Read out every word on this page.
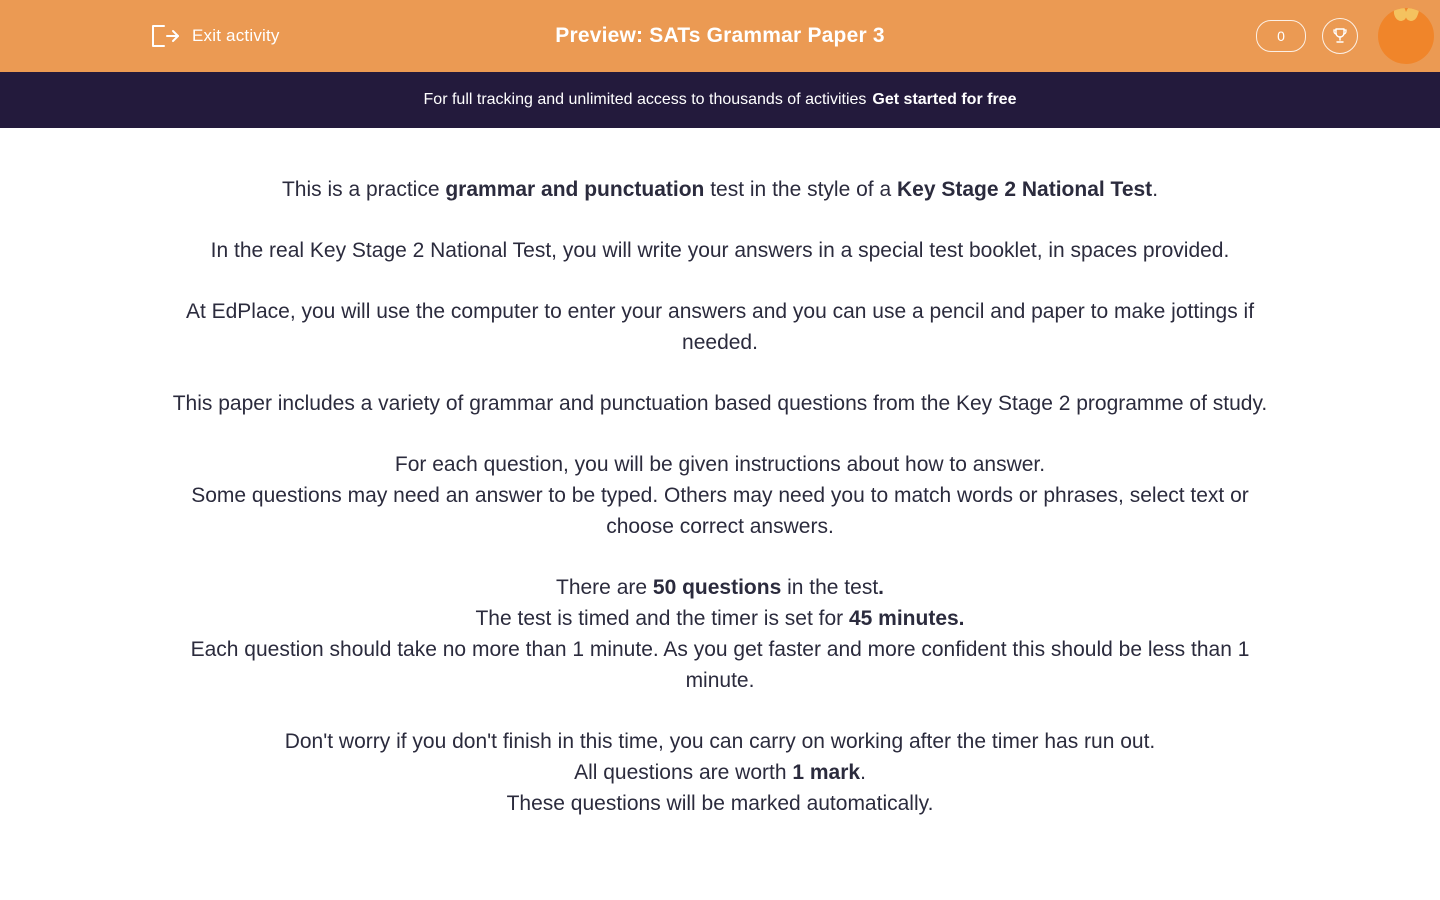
Exit activity	Preview: SATs Grammar Paper 3	0
For full tracking and unlimited access to thousands of activities Get started for free
This is a practice grammar and punctuation test in the style of a Key Stage 2 National Test.
In the real Key Stage 2 National Test, you will write your answers in a special test booklet, in spaces provided.
At EdPlace, you will use the computer to enter your answers and you can use a pencil and paper to make jottings if needed.
This paper includes a variety of grammar and punctuation based questions from the Key Stage 2 programme of study.
For each question, you will be given instructions about how to answer.
Some questions may need an answer to be typed. Others may need you to match words or phrases, select text or choose correct answers.
There are 50 questions in the test.
The test is timed and the timer is set for 45 minutes.
Each question should take no more than 1 minute. As you get faster and more confident this should be less than 1 minute.
Don't worry if you don't finish in this time, you can carry on working after the timer has run out.
All questions are worth 1 mark.
These questions will be marked automatically.
